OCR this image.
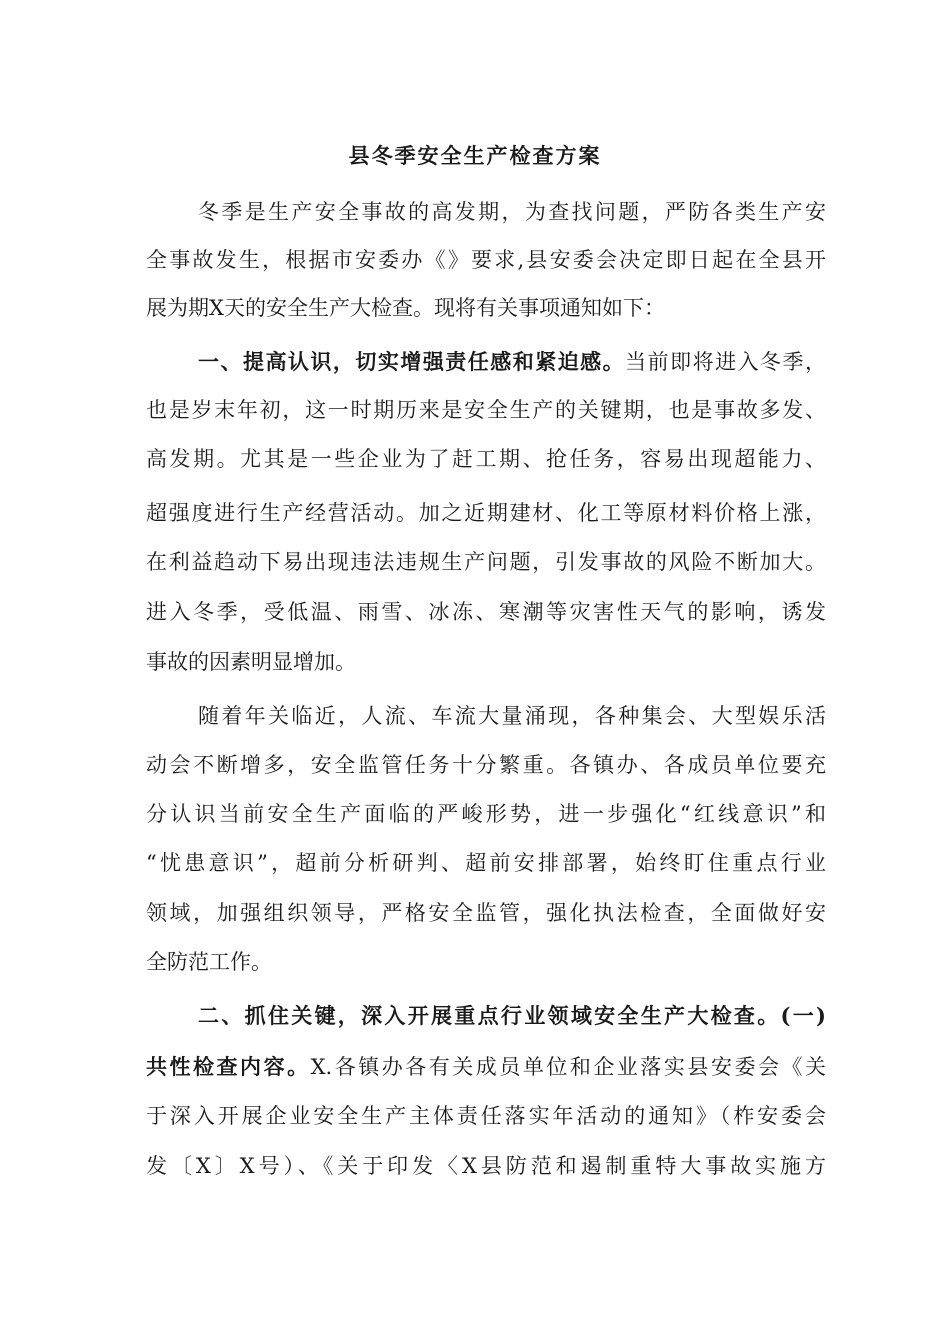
县冬季安全生产检查方案
冬季是生产安全事故的高发期，为查找问题，严防各类生产安
全事故发生，根据市安委办《》要求,县安委会决定即日起在全县开
展为期X天的安全生产大检查。现将有关事项通知如下：
一、提高认识，切实增强责任感和紧迫感。当前即将进入冬季，
也是岁末年初，这一时期历来是安全生产的关键期，也是事故多发、
高发期。尤其是一些企业为了赶工期、抢任务，容易出现超能力、
超强度进行生产经营活动。加之近期建材、化工等原材料价格上涨，
在利益趋动下易出现违法违规生产问题，引发事故的风险不断加大。
进入冬季，受低温、雨雪、冰冻、寒潮等灾害性天气的影响，诱发
事故的因素明显增加。
随着年关临近，人流、车流大量涌现，各种集会、大型娱乐活
动会不断增多，安全监管任务十分繁重。各镇办、各成员单位要充
分认识当前安全生产面临的严峻形势，进一步强化“红线意识”和
“忧患意识”，超前分析研判、超前安排部署，始终盯住重点行业
领域，加强组织领导，严格安全监管，强化执法检查，全面做好安
全防范工作。
二、抓住关键，深入开展重点行业领域安全生产大检查。(一)
共性检查内容。X.各镇办各有关成员单位和企业落实县安委会《关
于深入开展企业安全生产主体责任落实年活动的通知》（柞安委会
发〔X〕X号）、《关于印发〈X县防范和遏制重特大事故实施方
